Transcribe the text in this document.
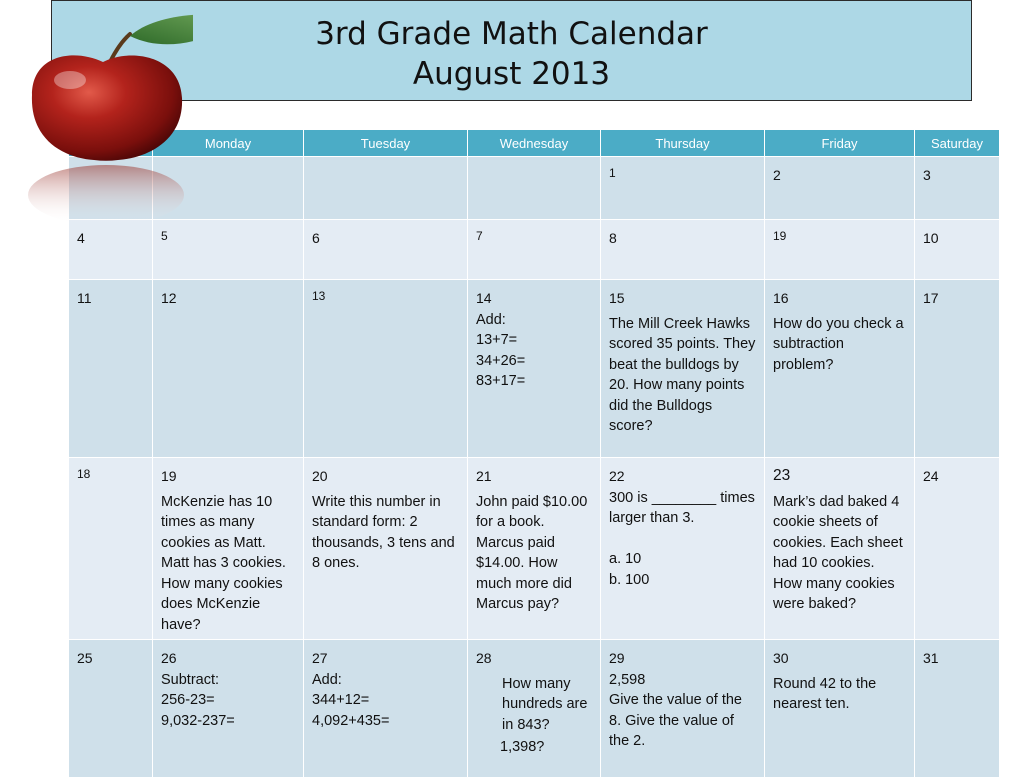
3rd Grade Math Calendar
August 2013
	Monday	Tuesday	Wednesday	Thursday	Friday	Saturday

				1	2	3

4	5	6	7	8	19	10

11	12	13	14
Add:
13+7=
34+26=
83+17=	15
The Mill Creek Hawks scored 35 points. They beat the bulldogs by 20. How many points did the Bulldogs score?	16
How do you check a subtraction problem?	17

18	19
McKenzie has 10 times as many cookies as Matt. Matt has 3 cookies. How many cookies does McKenzie have?	20
Write this number in standard form: 2 thousands, 3 tens and 8 ones.	21
John paid $10.00 for a book. Marcus paid $14.00. How much more did Marcus pay?	22
300 is ________ times larger than 3.

a. 10
b. 100	23
Mark’s dad baked 4 cookie sheets of cookies. Each sheet had 10 cookies. How many cookies were baked?	24

25	26
Subtract:
256-23=
9,032-237=	27
Add:
344+12=
4,092+435=	28
How many hundreds are in 843?
1,398?	29
2,598
Give the value of the 8. Give the value of the 2.	30
Round 42 to the nearest ten.	31
